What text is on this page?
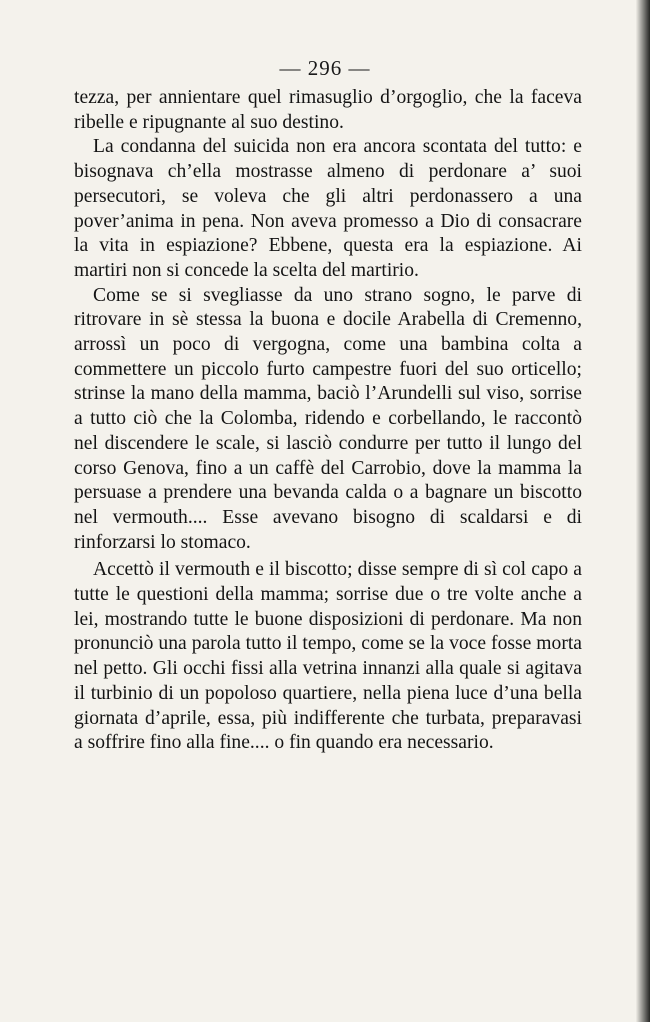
— 296 —

tezza, per annientare quel rimasuglio d’orgoglio, che la faceva ribelle e ripugnante al suo destino.

La condanna del suicida non era ancora scontata del tutto: e bisognava ch’ella mostrasse almeno di perdonare a’ suoi persecutori, se voleva che gli altri perdonassero a una pover’anima in pena. Non aveva promesso a Dio di consacrare la vita in espiazione? Ebbene, questa era la espiazione. Ai martiri non si concede la scelta del martirio.

Come se si svegliasse da uno strano sogno, le parve di ritrovare in sè stessa la buona e docile Arabella di Cremenno, arrossì un poco di vergogna, come una bambina colta a commettere un piccolo furto campestre fuori del suo orticello; strinse la mano della mamma, baciò l’Arundelli sul viso, sorrise a tutto ciò che la Colomba, ridendo e corbellando, le raccontò nel discendere le scale, si lasciò condurre per tutto il lungo del corso Genova, fino a un caffè del Carrobio, dove la mamma la persuase a prendere una bevanda calda o a bagnare un biscotto nel vermouth.... Esse avevano bisogno di scaldarsi e di rinforzarsi lo stomaco.

Accettò il vermouth e il biscotto; disse sempre di sì col capo a tutte le questioni della mamma; sorrise due o tre volte anche a lei, mostrando tutte le buone disposizioni di perdonare. Ma non pronunciò una parola tutto il tempo, come se la voce fosse morta nel petto. Gli occhi fissi alla vetrina innanzi alla quale si agitava il turbinio di un popoloso quartiere, nella piena luce d’una bella giornata d’aprile, essa, più indifferente che turbata, preparavasi a soffrire fino alla fine.... o fin quando era necessario.
